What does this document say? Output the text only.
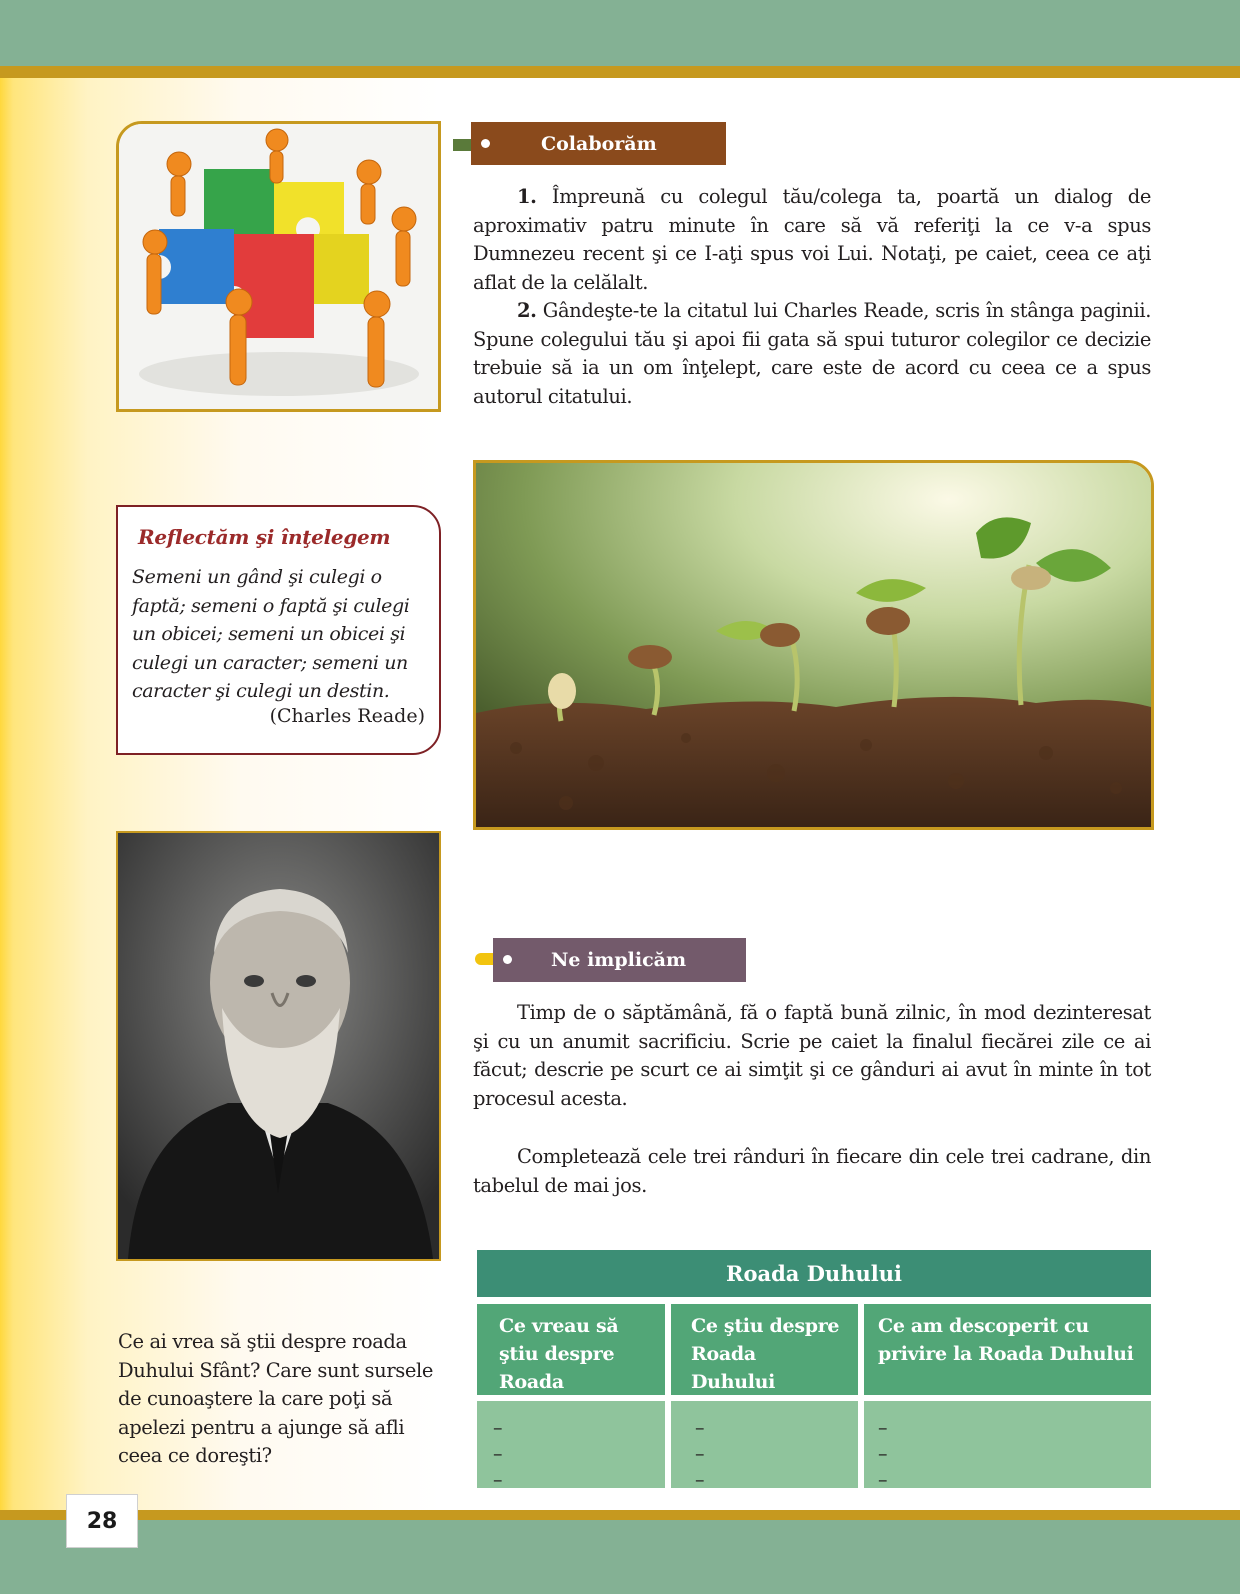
28
Colaborăm

1. Împreună cu colegul tău/colega ta, poartă un dialog de aproximativ patru minute în care să vă referiţi la ce v-a spus Dumnezeu recent şi ce I-aţi spus voi Lui. Notaţi, pe caiet, ceea ce aţi aflat de la celălalt.

2. Gândeşte-te la citatul lui Charles Reade, scris în stânga paginii. Spune colegului tău şi apoi fii gata să spui tuturor colegilor ce decizie trebuie să ia un om înţelept, care este de acord cu ceea ce a spus autorul citatului.

Reflectăm şi înţelegem
Semeni un gând şi culegi o faptă; semeni o faptă şi culegi un obicei; semeni un obicei şi culegi un caracter; semeni un caracter şi culegi un destin.
(Charles Reade)
Ne implicăm

Timp de o săptămână, fă o faptă bună zilnic, în mod dezinteresat şi cu un anumit sacrificiu. Scrie pe caiet la finalul fiecărei zile ce ai făcut; descrie pe scurt ce ai simţit şi ce gânduri ai avut în minte în tot procesul acesta.

Completează cele trei rânduri în fiecare din cele trei cadrane, din tabelul de mai jos.

Ce ai vrea să ştii despre roada Duhului Sfânt? Care sunt sursele de cunoaştere la care poţi să apelezi pentru a ajunge să afli ceea ce doreşti?
Roada Duhului
Ce vreau să ştiu despre Roada
Ce ştiu despre Roada Duhului
Ce am descoperit cu privire la Roada Duhului
–
–
–
–
–
–
–
–
–
